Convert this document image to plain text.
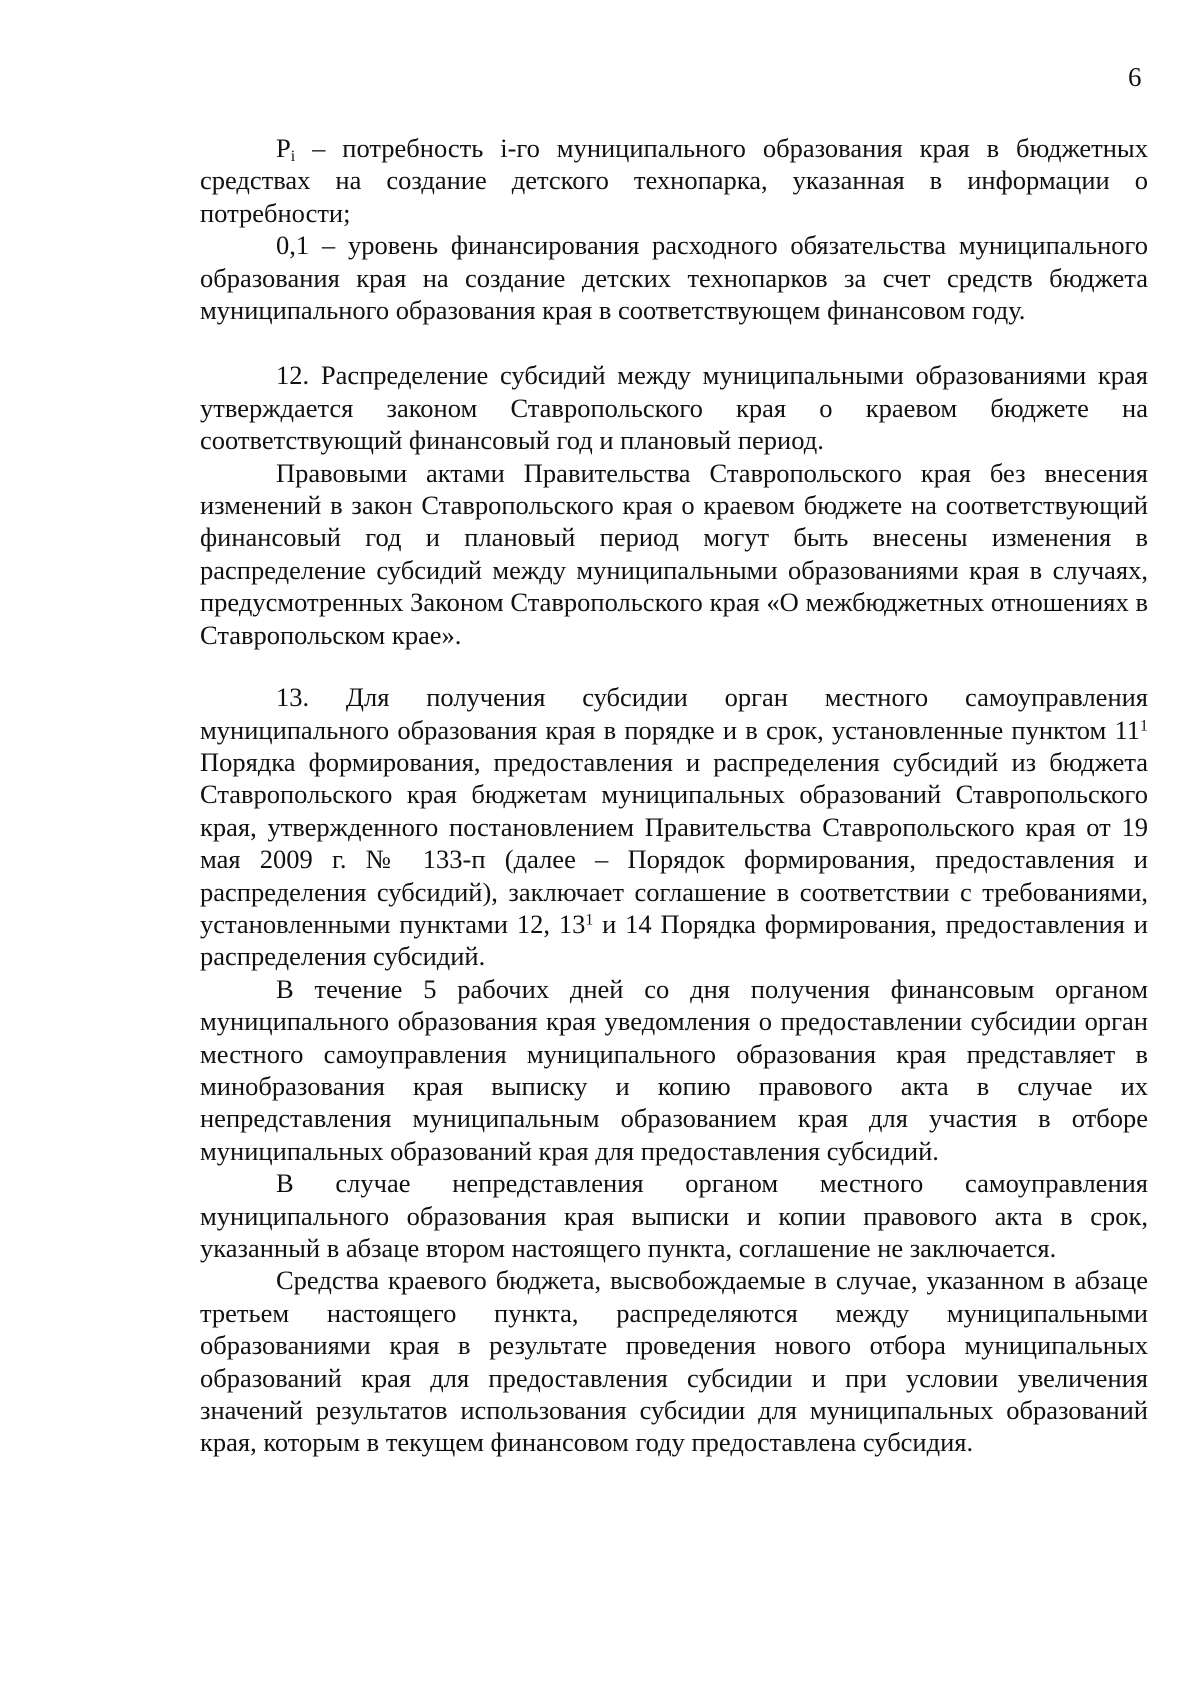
6

$P_i$ – потребность i-го муниципального образования края в бюджетных средствах на создание детского технопарка, указанная в информации о потребности;

0,1 – уровень финансирования расходного обязательства муниципального образования края на создание детских технопарков за счет средств бюджета муниципального образования края в соответствующем финансовом году.

12. Распределение субсидий между муниципальными образованиями края утверждается законом Ставропольского края о краевом бюджете на соответствующий финансовый год и плановый период.

Правовыми актами Правительства Ставропольского края без внесения изменений в закон Ставропольского края о краевом бюджете на соответствующий финансовый год и плановый период могут быть внесены изменения в распределение субсидий между муниципальными образованиями края в случаях, предусмотренных Законом Ставропольского края «О межбюджетных отношениях в Ставропольском крае».

13. Для получения субсидии орган местного самоуправления муниципального образования края в порядке и в срок, установленные пунктом $11^1$ Порядка формирования, предоставления и распределения субсидий из бюджета Ставропольского края бюджетам муниципальных образований Ставропольского края, утвержденного постановлением Правительства Ставропольского края от 19 мая 2009 г. № 133-п (далее – Порядок формирования, предоставления и распределения субсидий), заключает соглашение в соответствии с требованиями, установленными пунктами 12, $13^1$ и 14 Порядка формирования, предоставления и распределения субсидий.

В течение 5 рабочих дней со дня получения финансовым органом муниципального образования края уведомления о предоставлении субсидии орган местного самоуправления муниципального образования края представляет в минобразования края выписку и копию правового акта в случае их непредставления муниципальным образованием края для участия в отборе муниципальных образований края для предоставления субсидий.

В случае непредставления органом местного самоуправления муниципального образования края выписки и копии правового акта в срок, указанный в абзаце втором настоящего пункта, соглашение не заключается.

Средства краевого бюджета, высвобождаемые в случае, указанном в абзаце третьем настоящего пункта, распределяются между муниципальными образованиями края в результате проведения нового отбора муниципальных образований края для предоставления субсидии и при условии увеличения значений результатов использования субсидии для муниципальных образований края, которым в текущем финансовом году предоставлена субсидия.
